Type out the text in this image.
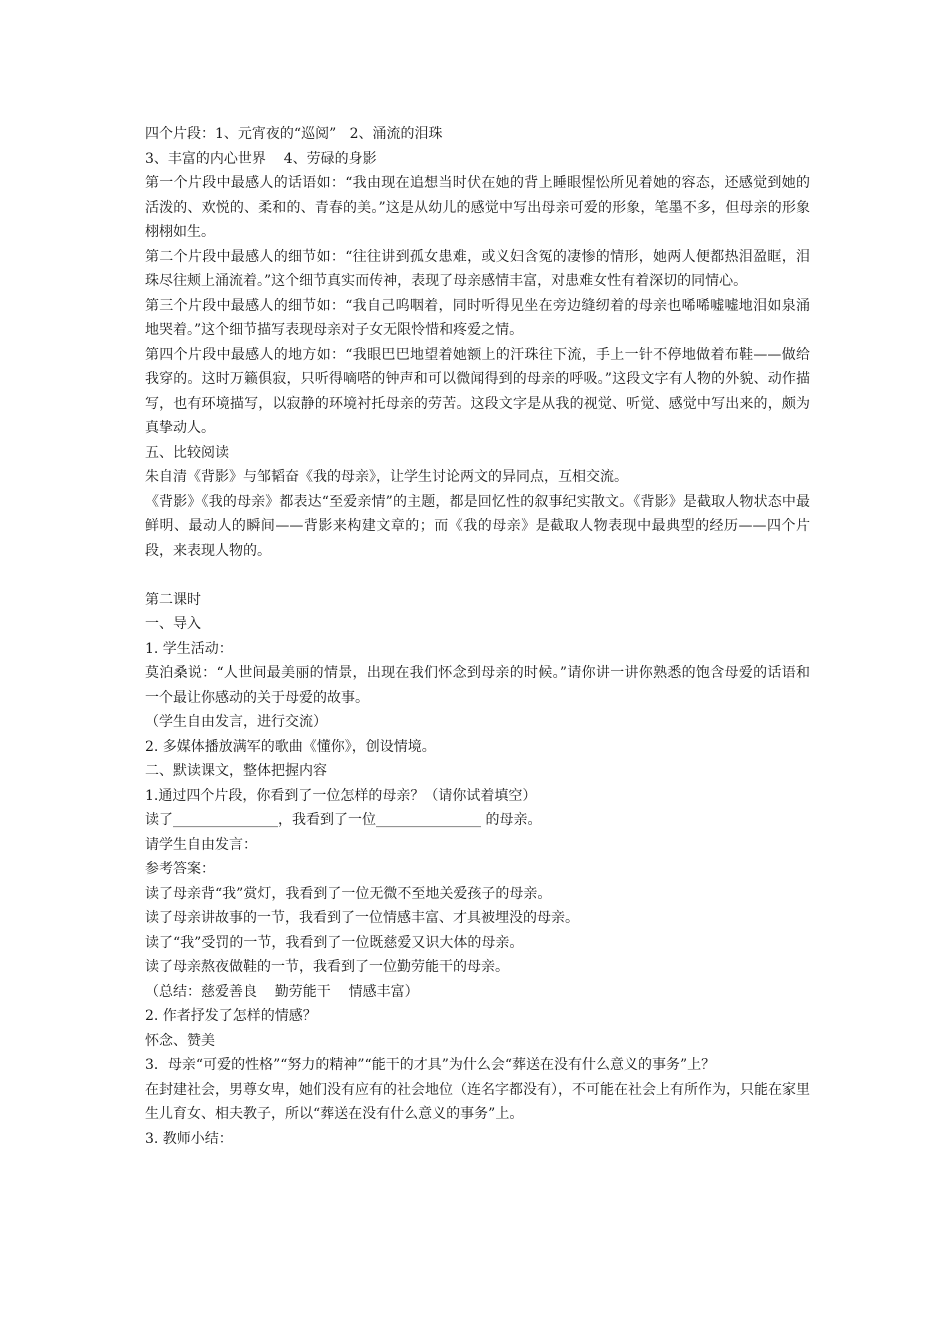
四个片段：1、元宵夜的“巡阅”   2、涌流的泪珠

3、丰富的内心世界    4、劳碌的身影

第一个片段中最感人的话语如：“我由现在追想当时伏在她的背上睡眼惺忪所见着她的容态，还感觉到她的活泼的、欢悦的、柔和的、青春的美。”这是从幼儿的感觉中写出母亲可爱的形象，笔墨不多，但母亲的形象栩栩如生。

第二个片段中最感人的细节如：“往往讲到孤女患难，或义妇含冤的凄惨的情形，她两人便都热泪盈眶，泪珠尽往颊上涌流着。”这个细节真实而传神，表现了母亲感情丰富，对患难女性有着深切的同情心。

第三个片段中最感人的细节如：“我自己呜咽着，同时听得见坐在旁边缝纫着的母亲也唏唏嘘嘘地泪如泉涌地哭着。”这个细节描写表现母亲对子女无限怜惜和疼爱之情。

第四个片段中最感人的地方如：“我眼巴巴地望着她额上的汗珠往下流，手上一针不停地做着布鞋——做给我穿的。这时万籁俱寂，只听得嘀嗒的钟声和可以微闻得到的母亲的呼吸。”这段文字有人物的外貌、动作描写，也有环境描写，以寂静的环境衬托母亲的劳苦。这段文字是从我的视觉、听觉、感觉中写出来的，颇为真挚动人。

五、比较阅读

朱自清《背影》与邹韬奋《我的母亲》，让学生讨论两文的异同点，互相交流。

《背影》《我的母亲》都表达“至爱亲情”的主题，都是回忆性的叙事纪实散文。《背影》是截取人物状态中最鲜明、最动人的瞬间——背影来构建文章的；而《我的母亲》是截取人物表现中最典型的经历——四个片段，来表现人物的。

第二课时

一、导入

1. 学生活动：

莫泊桑说：“人世间最美丽的情景，出现在我们怀念到母亲的时候。”请你讲一讲你熟悉的饱含母爱的话语和一个最让你感动的关于母爱的故事。

（学生自由发言，进行交流）

2. 多媒体播放满军的歌曲《懂你》，创设情境。

二、默读课文，整体把握内容

1.通过四个片段，你看到了一位怎样的母亲？（请你试着填空）

读了_______________，我看到了一位_______________ 的母亲。

请学生自由发言：

参考答案：

读了母亲背“我”赏灯，我看到了一位无微不至地关爱孩子的母亲。

读了母亲讲故事的一节，我看到了一位情感丰富、才具被埋没的母亲。

读了“我”受罚的一节，我看到了一位既慈爱又识大体的母亲。

读了母亲熬夜做鞋的一节，我看到了一位勤劳能干的母亲。

（总结：慈爱善良    勤劳能干    情感丰富）

2. 作者抒发了怎样的情感？

怀念、赞美

3．母亲“可爱的性格”“努力的精神”“能干的才具”为什么会“葬送在没有什么意义的事务”上？

在封建社会，男尊女卑，她们没有应有的社会地位（连名字都没有），不可能在社会上有所作为，只能在家里生儿育女、相夫教子，所以“葬送在没有什么意义的事务”上。

3. 教师小结：
